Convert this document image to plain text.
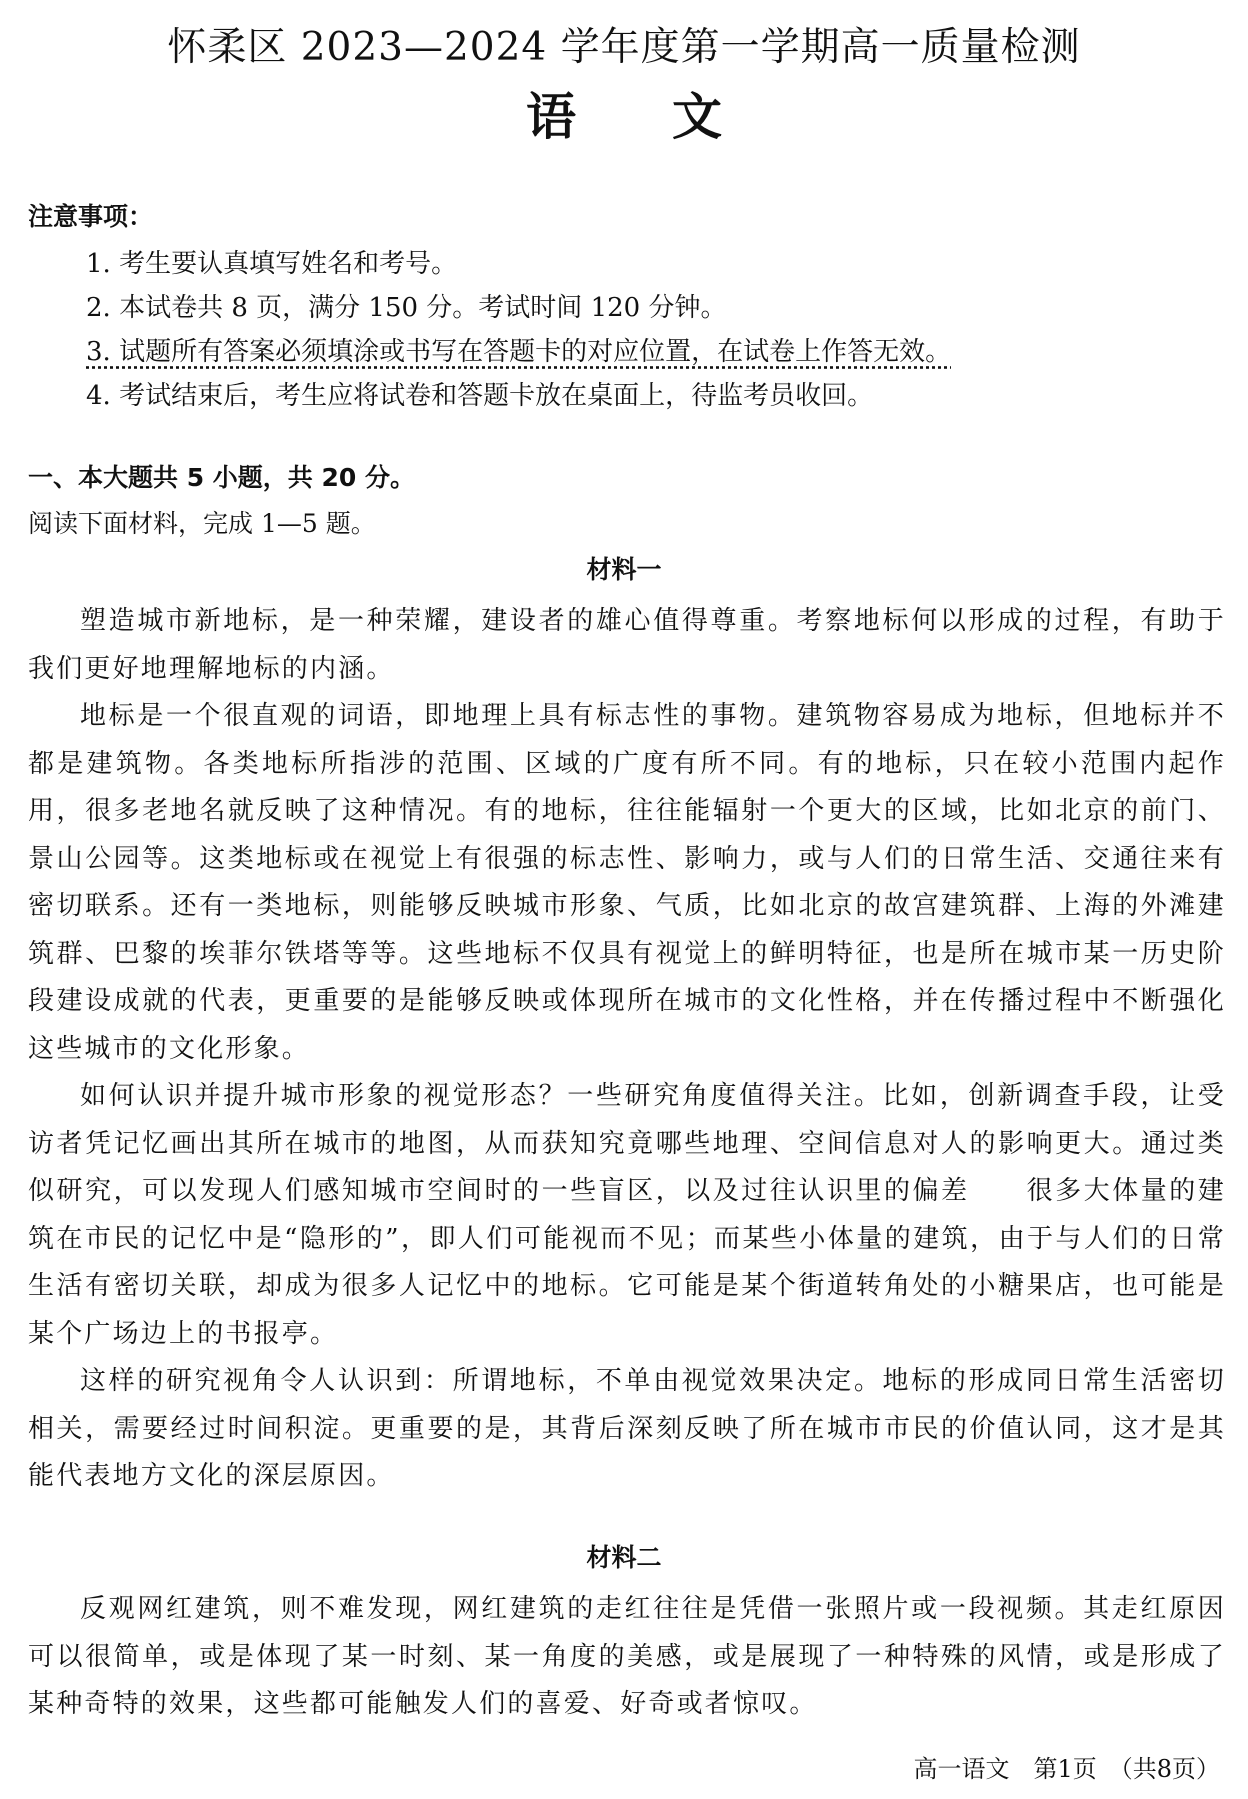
怀柔区 2023—2024 学年度第一学期高一质量检测
语 文
注意事项：
1. 考生要认真填写姓名和考号。
2. 本试卷共 8 页，满分 150 分。考试时间 120 分钟。
3. 试题所有答案必须填涂或书写在答题卡的对应位置，在试卷上作答无效。
4. 考试结束后，考生应将试卷和答题卡放在桌面上，待监考员收回。
一、本大题共 5 小题，共 20 分。
阅读下面材料，完成 1—5 题。
材料一

塑造城市新地标，是一种荣耀，建设者的雄心值得尊重。考察地标何以形成的过程，有助于我们更好地理解地标的内涵。

地标是一个很直观的词语，即地理上具有标志性的事物。建筑物容易成为地标，但地标并不都是建筑物。各类地标所指涉的范围、区域的广度有所不同。有的地标，只在较小范围内起作用，很多老地名就反映了这种情况。有的地标，往往能辐射一个更大的区域，比如北京的前门、景山公园等。这类地标或在视觉上有很强的标志性、影响力，或与人们的日常生活、交通往来有密切联系。还有一类地标，则能够反映城市形象、气质，比如北京的故宫建筑群、上海的外滩建筑群、巴黎的埃菲尔铁塔等等。这些地标不仅具有视觉上的鲜明特征，也是所在城市某一历史阶段建设成就的代表，更重要的是能够反映或体现所在城市的文化性格，并在传播过程中不断强化这些城市的文化形象。

如何认识并提升城市形象的视觉形态？一些研究角度值得关注。比如，创新调查手段，让受访者凭记忆画出其所在城市的地图，从而获知究竟哪些地理、空间信息对人的影响更大。通过类似研究，可以发现人们感知城市空间时的一些盲区，以及过往认识里的偏差　　很多大体量的建筑在市民的记忆中是“隐形的”，即人们可能视而不见；而某些小体量的建筑，由于与人们的日常生活有密切关联，却成为很多人记忆中的地标。它可能是某个街道转角处的小糖果店，也可能是某个广场边上的书报亭。

这样的研究视角令人认识到：所谓地标，不单由视觉效果决定。地标的形成同日常生活密切相关，需要经过时间积淀。更重要的是，其背后深刻反映了所在城市市民的价值认同，这才是其能代表地方文化的深层原因。

材料二

反观网红建筑，则不难发现，网红建筑的走红往往是凭借一张照片或一段视频。其走红原因可以很简单，或是体现了某一时刻、某一角度的美感，或是展现了一种特殊的风情，或是形成了某种奇特的效果，这些都可能触发人们的喜爱、好奇或者惊叹。

高一语文　第1页　（共8页）
